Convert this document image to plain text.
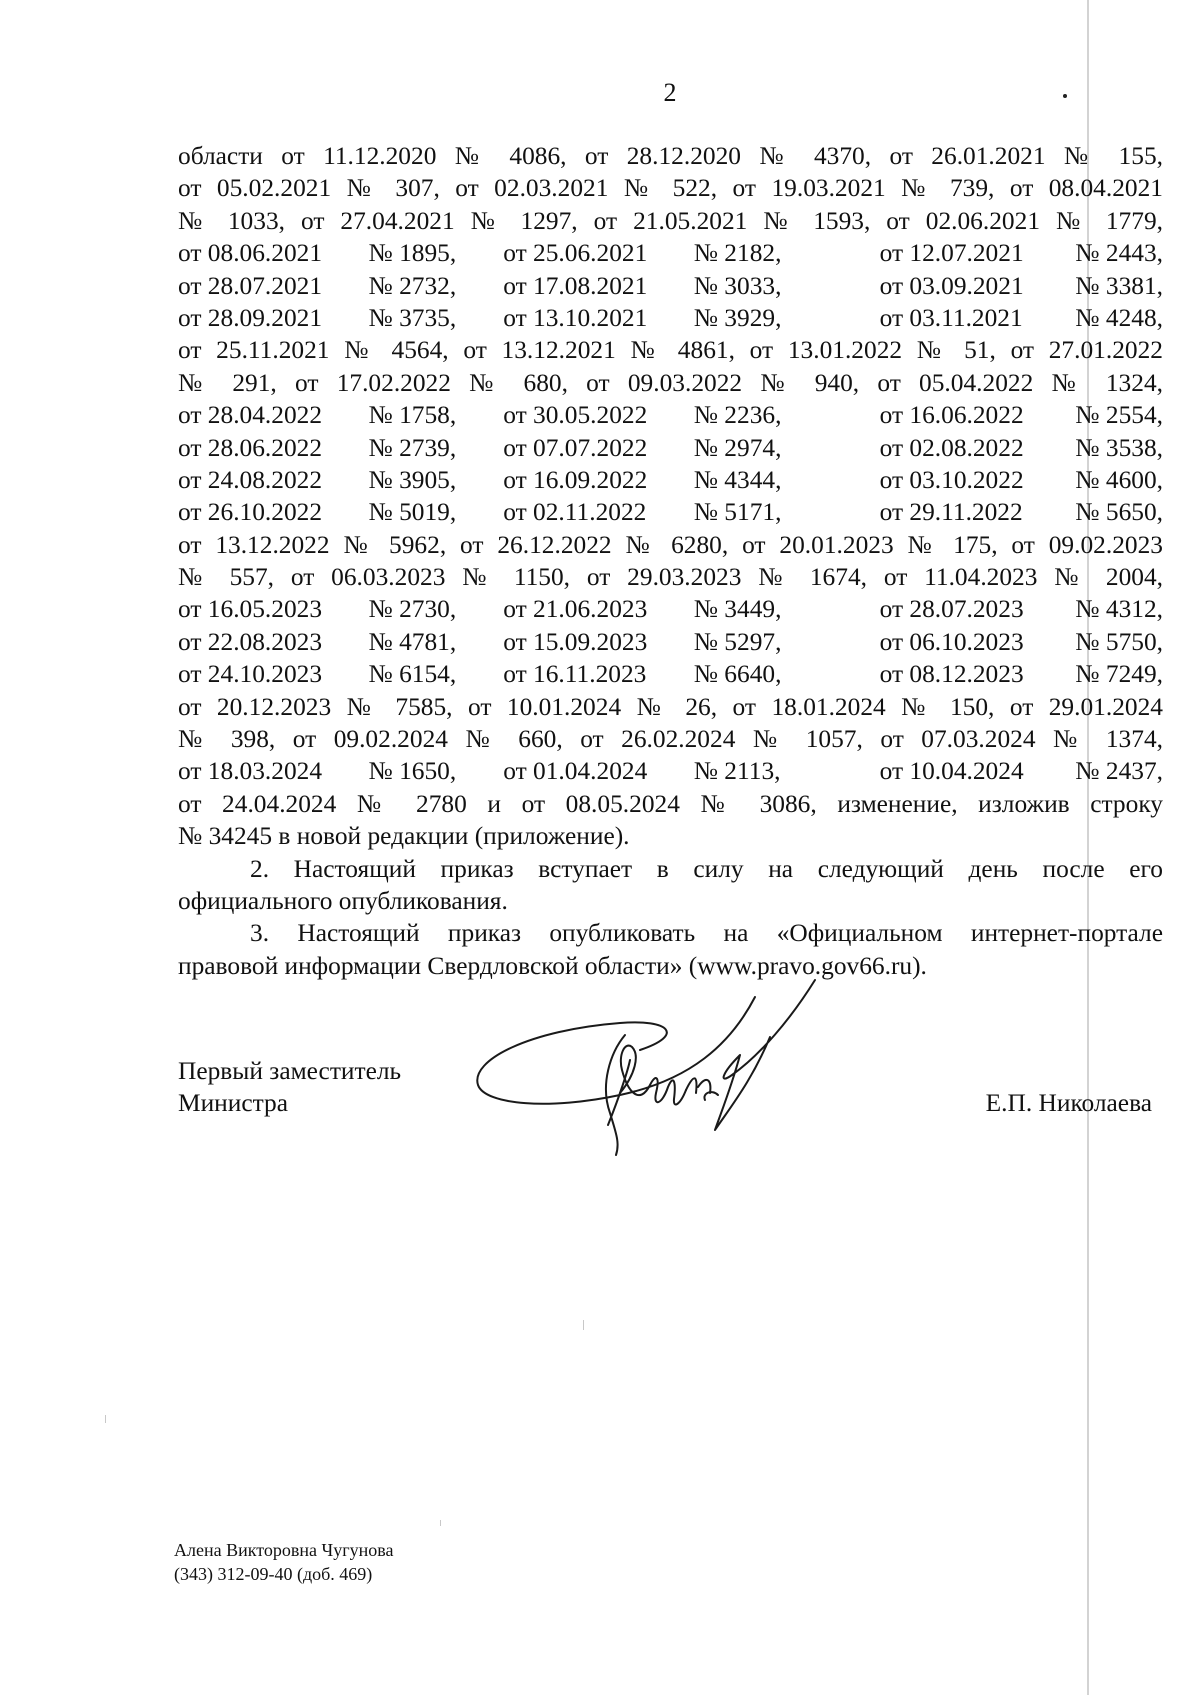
2
области от 11.12.2020 № 4086, от 28.12.2020 № 4370, от 26.01.2021 № 155,
от 05.02.2021 № 307, от 02.03.2021 № 522, от 19.03.2021 № 739, от 08.04.2021
№ 1033, от 27.04.2021 № 1297, от 21.05.2021 № 1593, от 02.06.2021 № 1779,
от 08.06.2021	№ 1895,	от 25.06.2021	№ 2182,	от 12.07.2021	№ 2443,
от 28.07.2021	№ 2732,	от 17.08.2021	№ 3033,	от 03.09.2021	№ 3381,
от 28.09.2021	№ 3735,	от 13.10.2021	№ 3929,	от 03.11.2021	№ 4248,
от 25.11.2021 № 4564, от 13.12.2021 № 4861, от 13.01.2022 № 51, от 27.01.2022
№ 291, от 17.02.2022 № 680, от 09.03.2022 № 940, от 05.04.2022 № 1324,
от 28.04.2022	№ 1758,	от 30.05.2022	№ 2236,	от 16.06.2022	№ 2554,
от 28.06.2022	№ 2739,	от 07.07.2022	№ 2974,	от 02.08.2022	№ 3538,
от 24.08.2022	№ 3905,	от 16.09.2022	№ 4344,	от 03.10.2022	№ 4600,
от 26.10.2022	№ 5019,	от 02.11.2022	№ 5171,	от 29.11.2022	№ 5650,
от 13.12.2022 № 5962, от 26.12.2022 № 6280, от 20.01.2023 № 175, от 09.02.2023
№ 557, от 06.03.2023 № 1150, от 29.03.2023 № 1674, от 11.04.2023 № 2004,
от 16.05.2023	№ 2730,	от 21.06.2023	№ 3449,	от 28.07.2023	№ 4312,
от 22.08.2023	№ 4781,	от 15.09.2023	№ 5297,	от 06.10.2023	№ 5750,
от 24.10.2023	№ 6154,	от 16.11.2023	№ 6640,	от 08.12.2023	№ 7249,
от 20.12.2023 № 7585, от 10.01.2024 № 26, от 18.01.2024 № 150, от 29.01.2024
№ 398, от 09.02.2024 № 660, от 26.02.2024 № 1057, от 07.03.2024 № 1374,
от 18.03.2024	№ 1650,	от 01.04.2024	№ 2113,	от 10.04.2024	№ 2437,
от 24.04.2024 № 2780 и от 08.05.2024 № 3086, изменение, изложив строку
№ 34245 в новой редакции (приложение).
2. Настоящий приказ вступает в силу на следующий день после его
официального опубликования.
3. Настоящий приказ опубликовать на «Официальном интернет-портале
правовой информации Свердловской области» (www.pravo.gov66.ru).
Первый заместитель
Министра	Е.П. Николаева
Алена Викторовна Чугунова
(343) 312-09-40 (доб. 469)
